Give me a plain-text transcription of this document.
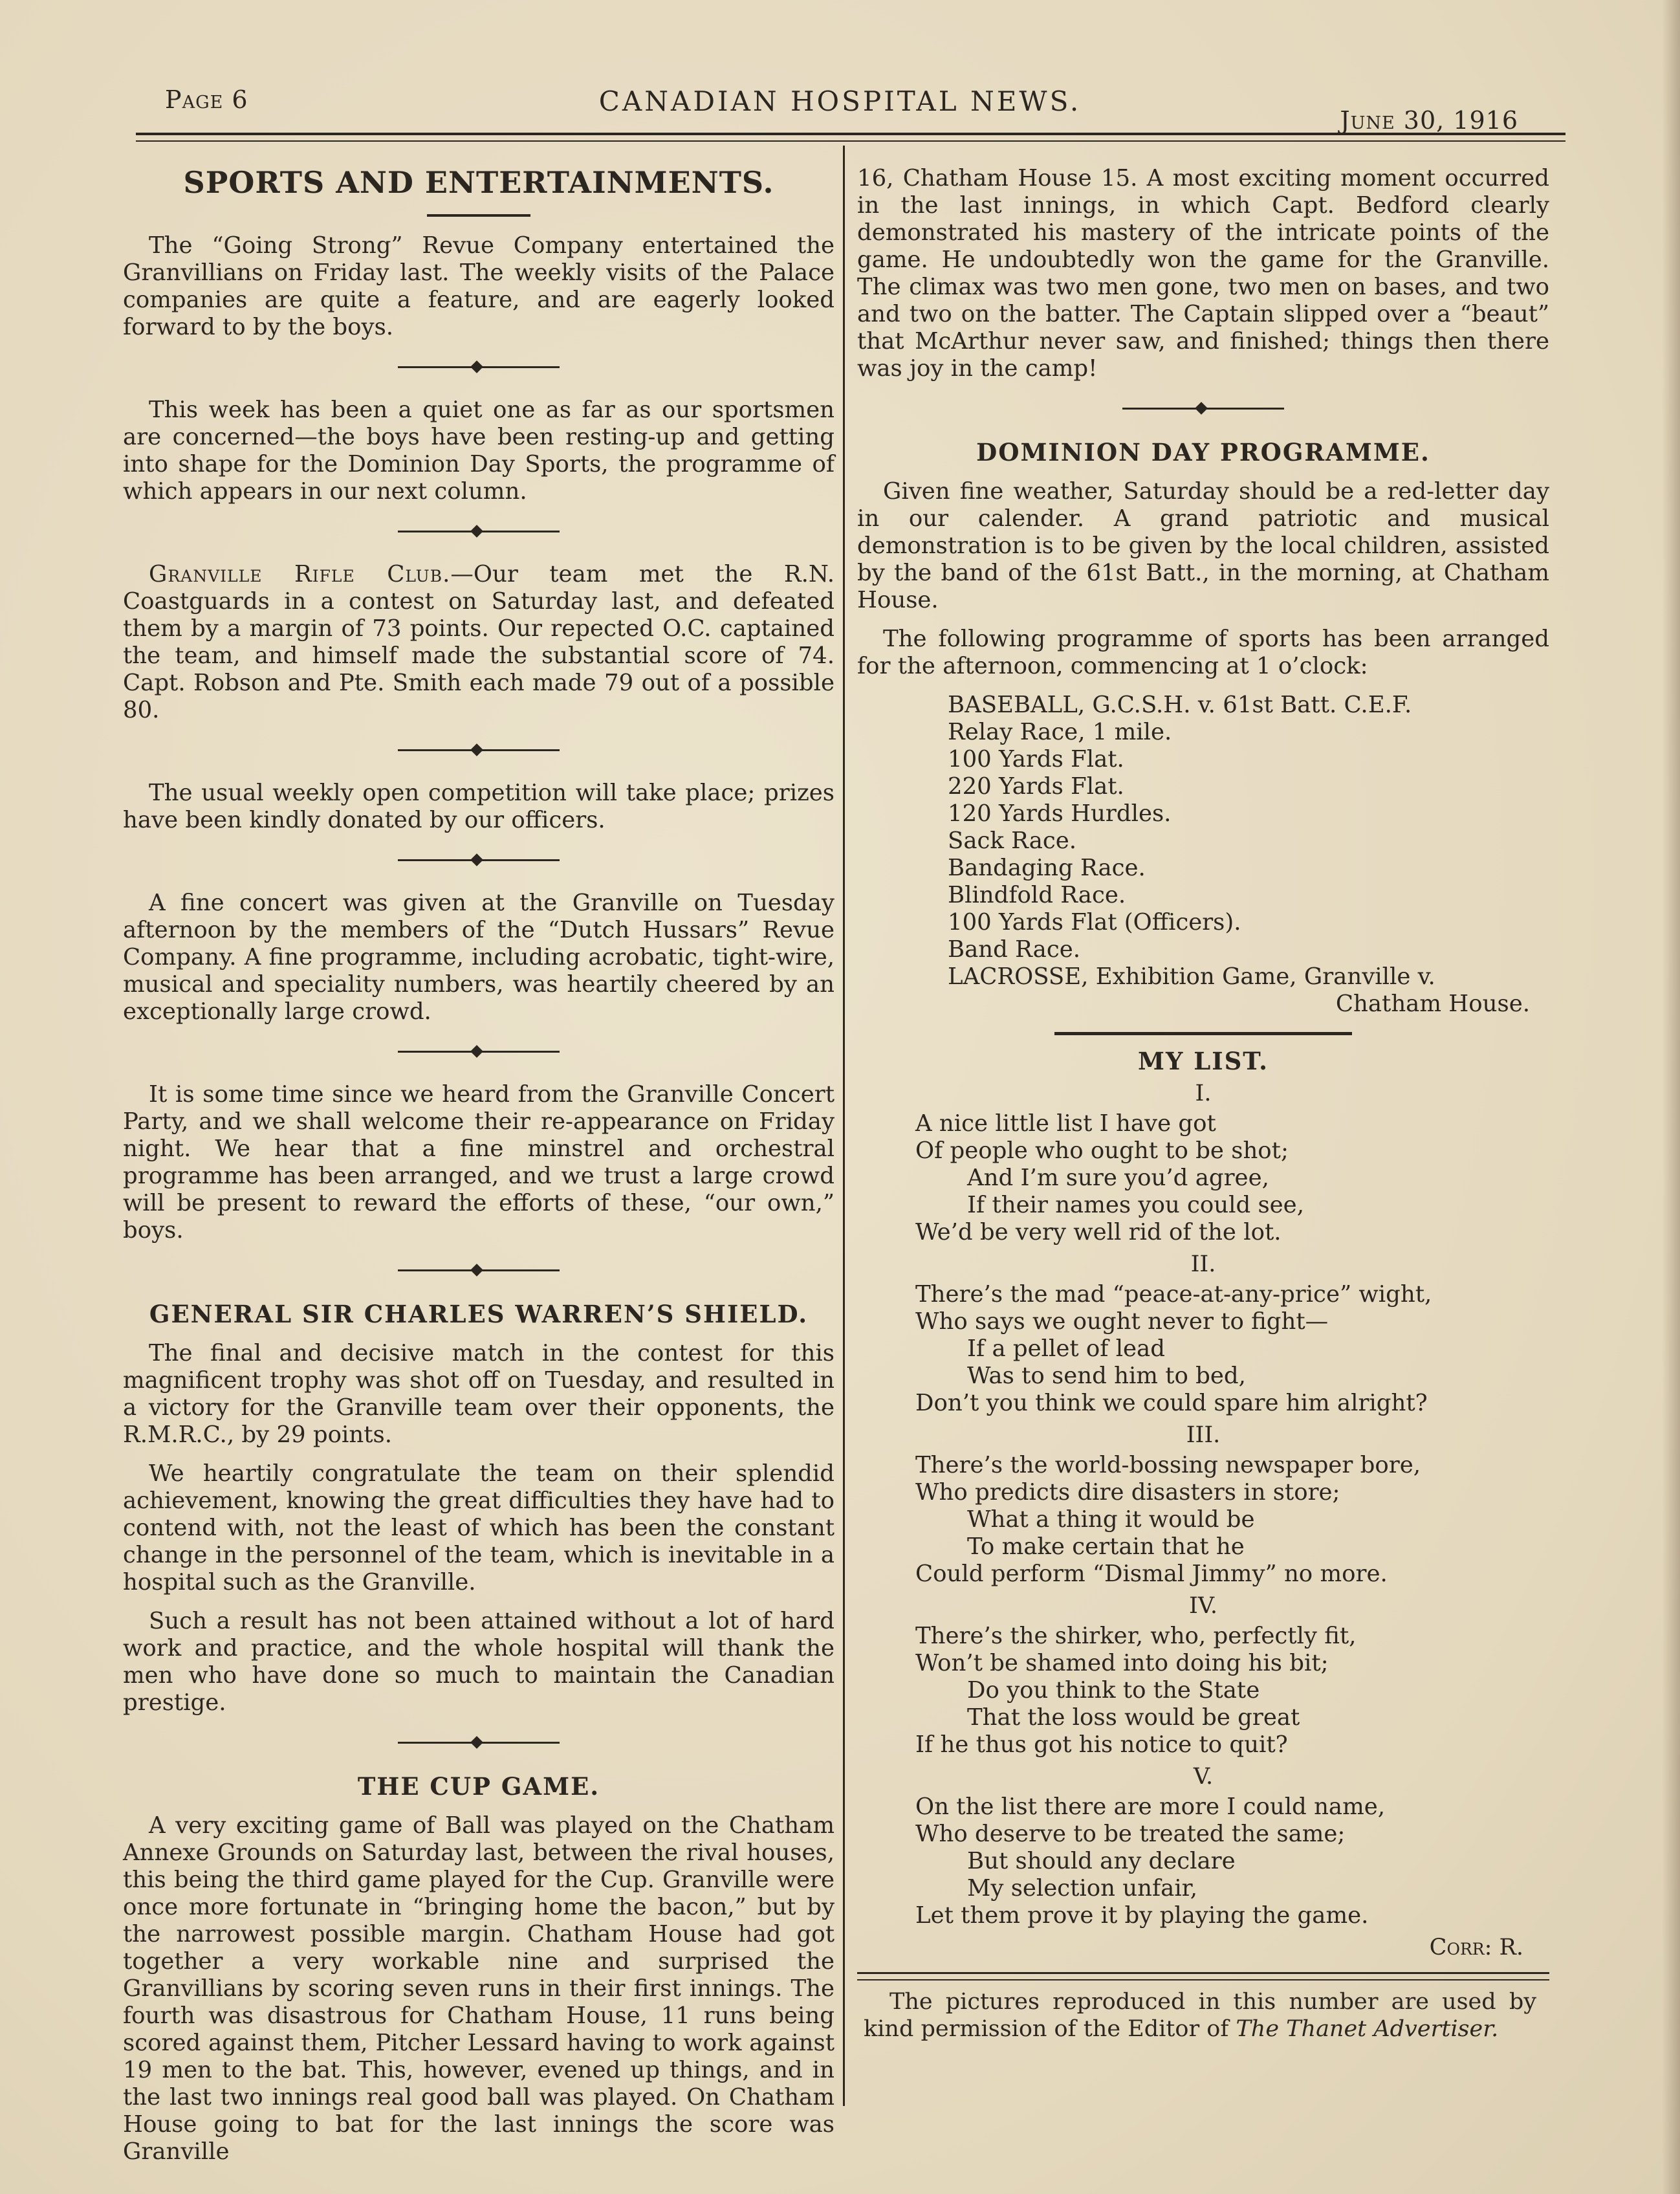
Page 6	CANADIAN HOSPITAL NEWS.
June 30, 1916
SPORTS AND ENTERTAINMENTS.

The “Going Strong” Revue Company entertained the Granvillians on Friday last. The weekly visits of the Palace companies are quite a feature, and are eagerly looked forward to by the boys.

This week has been a quiet one as far as our sportsmen are concerned—the boys have been resting-up and getting into shape for the Dominion Day Sports, the programme of which appears in our next column.

Granville Rifle Club.—Our team met the R.N. Coastguards in a contest on Saturday last, and defeated them by a margin of 73 points. Our repected O.C. captained the team, and himself made the substantial score of 74. Capt. Robson and Pte. Smith each made 79 out of a possible 80.

The usual weekly open competition will take place; prizes have been kindly donated by our officers.

A fine concert was given at the Granville on Tuesday afternoon by the members of the “Dutch Hussars” Revue Company. A fine programme, including acrobatic, tight-wire, musical and speciality numbers, was heartily cheered by an exceptionally large crowd.

It is some time since we heard from the Granville Concert Party, and we shall welcome their re-appearance on Friday night. We hear that a fine minstrel and orchestral programme has been arranged, and we trust a large crowd will be present to reward the efforts of these, “our own,” boys.

GENERAL SIR CHARLES WARREN’S SHIELD.

The final and decisive match in the contest for this magnificent trophy was shot off on Tuesday, and resulted in a victory for the Granville team over their opponents, the R.M.R.C., by 29 points.

We heartily congratulate the team on their splendid achievement, knowing the great difficulties they have had to contend with, not the least of which has been the constant change in the personnel of the team, which is inevitable in a hospital such as the Granville.

Such a result has not been attained without a lot of hard work and practice, and the whole hospital will thank the men who have done so much to maintain the Canadian prestige.

THE CUP GAME.

A very exciting game of Ball was played on the Chatham Annexe Grounds on Saturday last, between the rival houses, this being the third game played for the Cup. Granville were once more fortunate in “bringing home the bacon,” but by the narrowest possible margin. Chatham House had got together a very workable nine and surprised the Granvillians by scoring seven runs in their first innings. The fourth was disastrous for Chatham House, 11 runs being scored against them, Pitcher Lessard having to work against 19 men to the bat. This, however, evened up things, and in the last two innings real good ball was played. On Chatham House going to bat for the last innings the score was Granville

16, Chatham House 15. A most exciting moment occurred in the last innings, in which Capt. Bedford clearly demonstrated his mastery of the intricate points of the game. He undoubtedly won the game for the Granville. The climax was two men gone, two men on bases, and two and two on the batter. The Captain slipped over a “beaut” that McArthur never saw, and finished; things then there was joy in the camp!

DOMINION DAY PROGRAMME.

Given fine weather, Saturday should be a red-letter day in our calender. A grand patriotic and musical demonstration is to be given by the local children, assisted by the band of the 61st Batt., in the morning, at Chatham House.

The following programme of sports has been arranged for the afternoon, commencing at 1 o’clock:

BASEBALL, G.C.S.H. v. 61st Batt. C.E.F.
Relay Race, 1 mile.
100 Yards Flat.
220 Yards Flat.
120 Yards Hurdles.
Sack Race.
Bandaging Race.
Blindfold Race.
100 Yards Flat (Officers).
Band Race.
LACROSSE, Exhibition Game, Granville v.
Chatham House.
MY LIST.
I.
A nice little list I have got
Of people who ought to be shot;
And I’m sure you’d agree,
If their names you could see,
We’d be very well rid of the lot.
II.
There’s the mad “peace-at-any-price” wight,
Who says we ought never to fight—
If a pellet of lead
Was to send him to bed,
Don’t you think we could spare him alright?
III.
There’s the world-bossing newspaper bore,
Who predicts dire disasters in store;
What a thing it would be
To make certain that he
Could perform “Dismal Jimmy” no more.
IV.
There’s the shirker, who, perfectly fit,
Won’t be shamed into doing his bit;
Do you think to the State
That the loss would be great
If he thus got his notice to quit?
V.
On the list there are more I could name,
Who deserve to be treated the same;
But should any declare
My selection unfair,
Let them prove it by playing the game.
Corr: R.

The pictures reproduced in this number are used by kind permission of the Editor of The Thanet Advertiser.
